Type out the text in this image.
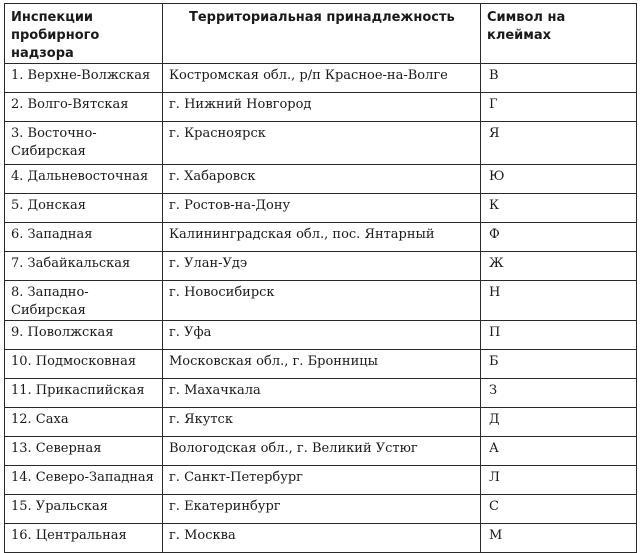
Инспекции пробирного надзора	Территориальная принадлежность	Символ на клеймах
1. Верхне-Волжская	Костромская обл., р/п Красное-на-Волге	В
2. Волго-Вятская	г. Нижний Новгород	Г
3. Восточно-Сибирская	г. Красноярск	Я
4. Дальневосточная	г. Хабаровск	Ю
5. Донская	г. Ростов-на-Дону	К
6. Западная	Калининградская обл., пос. Янтарный	Ф
7. Забайкальская	г. Улан-Удэ	Ж
8. Западно-Сибирская	г. Новосибирск	Н
9. Поволжская	г. Уфа	П
10. Подмосковная	Московская обл., г. Бронницы	Б
11. Прикаспийская	г. Махачкала	З
12. Саха	г. Якутск	Д
13. Северная	Вологодская обл., г. Великий Устюг	А
14. Северо-Западная	г. Санкт-Петербург	Л
15. Уральская	г. Екатеринбург	С
16. Центральная	г. Москва	М
